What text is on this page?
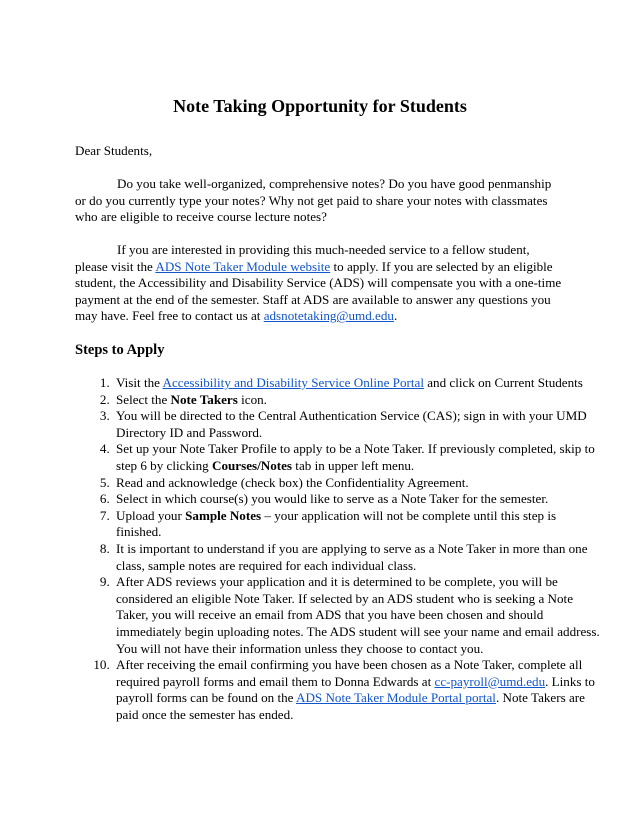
Note Taking Opportunity for Students

Dear Students,

Do you take well-organized, comprehensive notes? Do you have good penmanship or do you currently type your notes? Why not get paid to share your notes with classmates who are eligible to receive course lecture notes?

If you are interested in providing this much-needed service to a fellow student, please visit the ADS Note Taker Module website to apply. If you are selected by an eligible student, the Accessibility and Disability Service (ADS) will compensate you with a one-time payment at the end of the semester. Staff at ADS are available to answer any questions you may have. Feel free to contact us at adsnotetaking@umd.edu.

Steps to Apply
1. Visit the Accessibility and Disability Service Online Portal and click on Current Students
2. Select the Note Takers icon.
3. You will be directed to the Central Authentication Service (CAS); sign in with your UMD Directory ID and Password.
4. Set up your Note Taker Profile to apply to be a Note Taker. If previously completed, skip to step 6 by clicking Courses/Notes tab in upper left menu.
5. Read and acknowledge (check box) the Confidentiality Agreement.
6. Select in which course(s) you would like to serve as a Note Taker for the semester.
7. Upload your Sample Notes – your application will not be complete until this step is finished.
8. It is important to understand if you are applying to serve as a Note Taker in more than one class, sample notes are required for each individual class.
9. After ADS reviews your application and it is determined to be complete, you will be considered an eligible Note Taker. If selected by an ADS student who is seeking a Note Taker, you will receive an email from ADS that you have been chosen and should immediately begin uploading notes. The ADS student will see your name and email address. You will not have their information unless they choose to contact you.
10. After receiving the email confirming you have been chosen as a Note Taker, complete all required payroll forms and email them to Donna Edwards at cc-payroll@umd.edu. Links to payroll forms can be found on the ADS Note Taker Module Portal portal. Note Takers are paid once the semester has ended.
